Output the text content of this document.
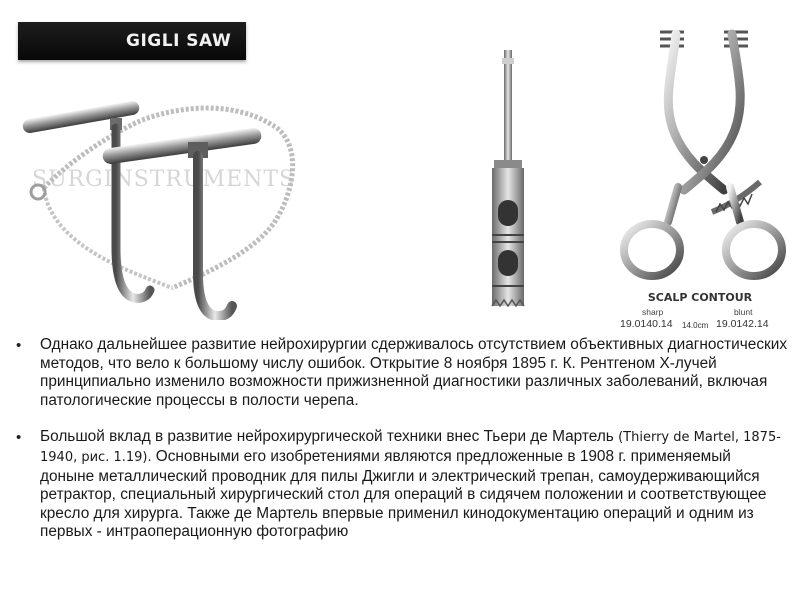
GIGLI SAW
SURGINSTRUMENTS
SCALP CONTOUR
sharp	blunt
19.0140.14 14.0cm 19.0142.14
• Однако дальнейшее развитие нейрохирургии сдерживалось отсутствием объективных диагностических методов, что вело к большому числу ошибок. Открытие 8 ноября 1895 г. К. Рентгеном Х-лучей принципиально изменило возможности прижизненной диагностики различных заболеваний, включая патологические процессы в полости черепа.
• Большой вклад в развитие нейрохирургической техники внес Тьери де Мартель (Thierry de Martel, 1875-1940, рис. 1.19). Основными его изобретениями являются предложенные в 1908 г. применяемый доныне металлический проводник для пилы Джигли и электрический трепан, самоудерживающийся ретрактор, специальный хирургический стол для операций в сидячем положении и соответствующее кресло для хирурга. Также де Мартель впервые применил кинодокументацию операций и одним из первых - интраоперационную фотографию
